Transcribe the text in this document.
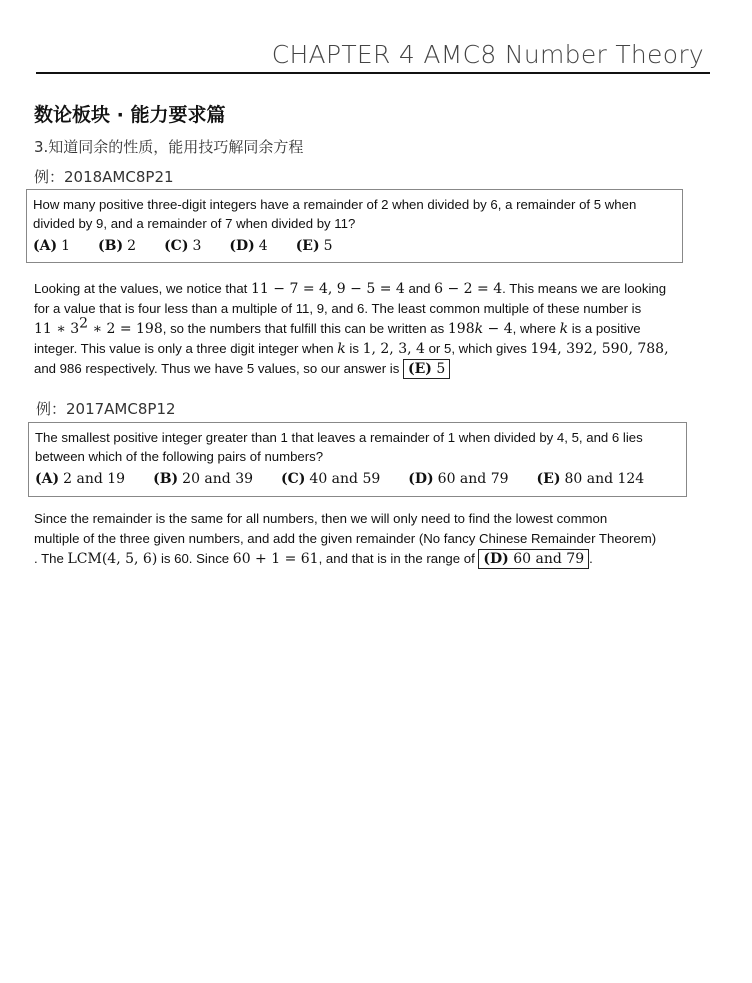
CHAPTER 4 AMC8 Number Theory
数论板块 · 能力要求篇
3.知道同余的性质，能用技巧解同余方程
例：2018AMC8P21
How many positive three-digit integers have a remainder of 2 when divided by 6, a remainder of 5 when
divided by 9, and a remainder of 7 when divided by 11?
(A) 1 (B) 2 (C) 3 (D) 4 (E) 5
Looking at the values, we notice that 11 − 7 = 4, 9 − 5 = 4 and 6 − 2 = 4. This means we are looking
for a value that is four less than a multiple of 11, 9, and 6. The least common multiple of these number is
11 ∗ $3^2$ ∗ 2 = 198, so the numbers that fulfill this can be written as 198k − 4, where k is a positive
integer. This value is only a three digit integer when k is 1, 2, 3, 4 or 5, which gives 194, 392, 590, 788,
and 986 respectively. Thus we have 5 values, so our answer is (E) 5
例：2017AMC8P12
The smallest positive integer greater than 1 that leaves a remainder of 1 when divided by 4, 5, and 6 lies
between which of the following pairs of numbers?
(A) 2 and 19 (B) 20 and 39 (C) 40 and 59 (D) 60 and 79 (E) 80 and 124
Since the remainder is the same for all numbers, then we will only need to find the lowest common
multiple of the three given numbers, and add the given remainder (No fancy Chinese Remainder Theorem)
. The LCM(4, 5, 6) is 60. Since 60 + 1 = 61, and that is in the range of (D) 60 and 79 .
